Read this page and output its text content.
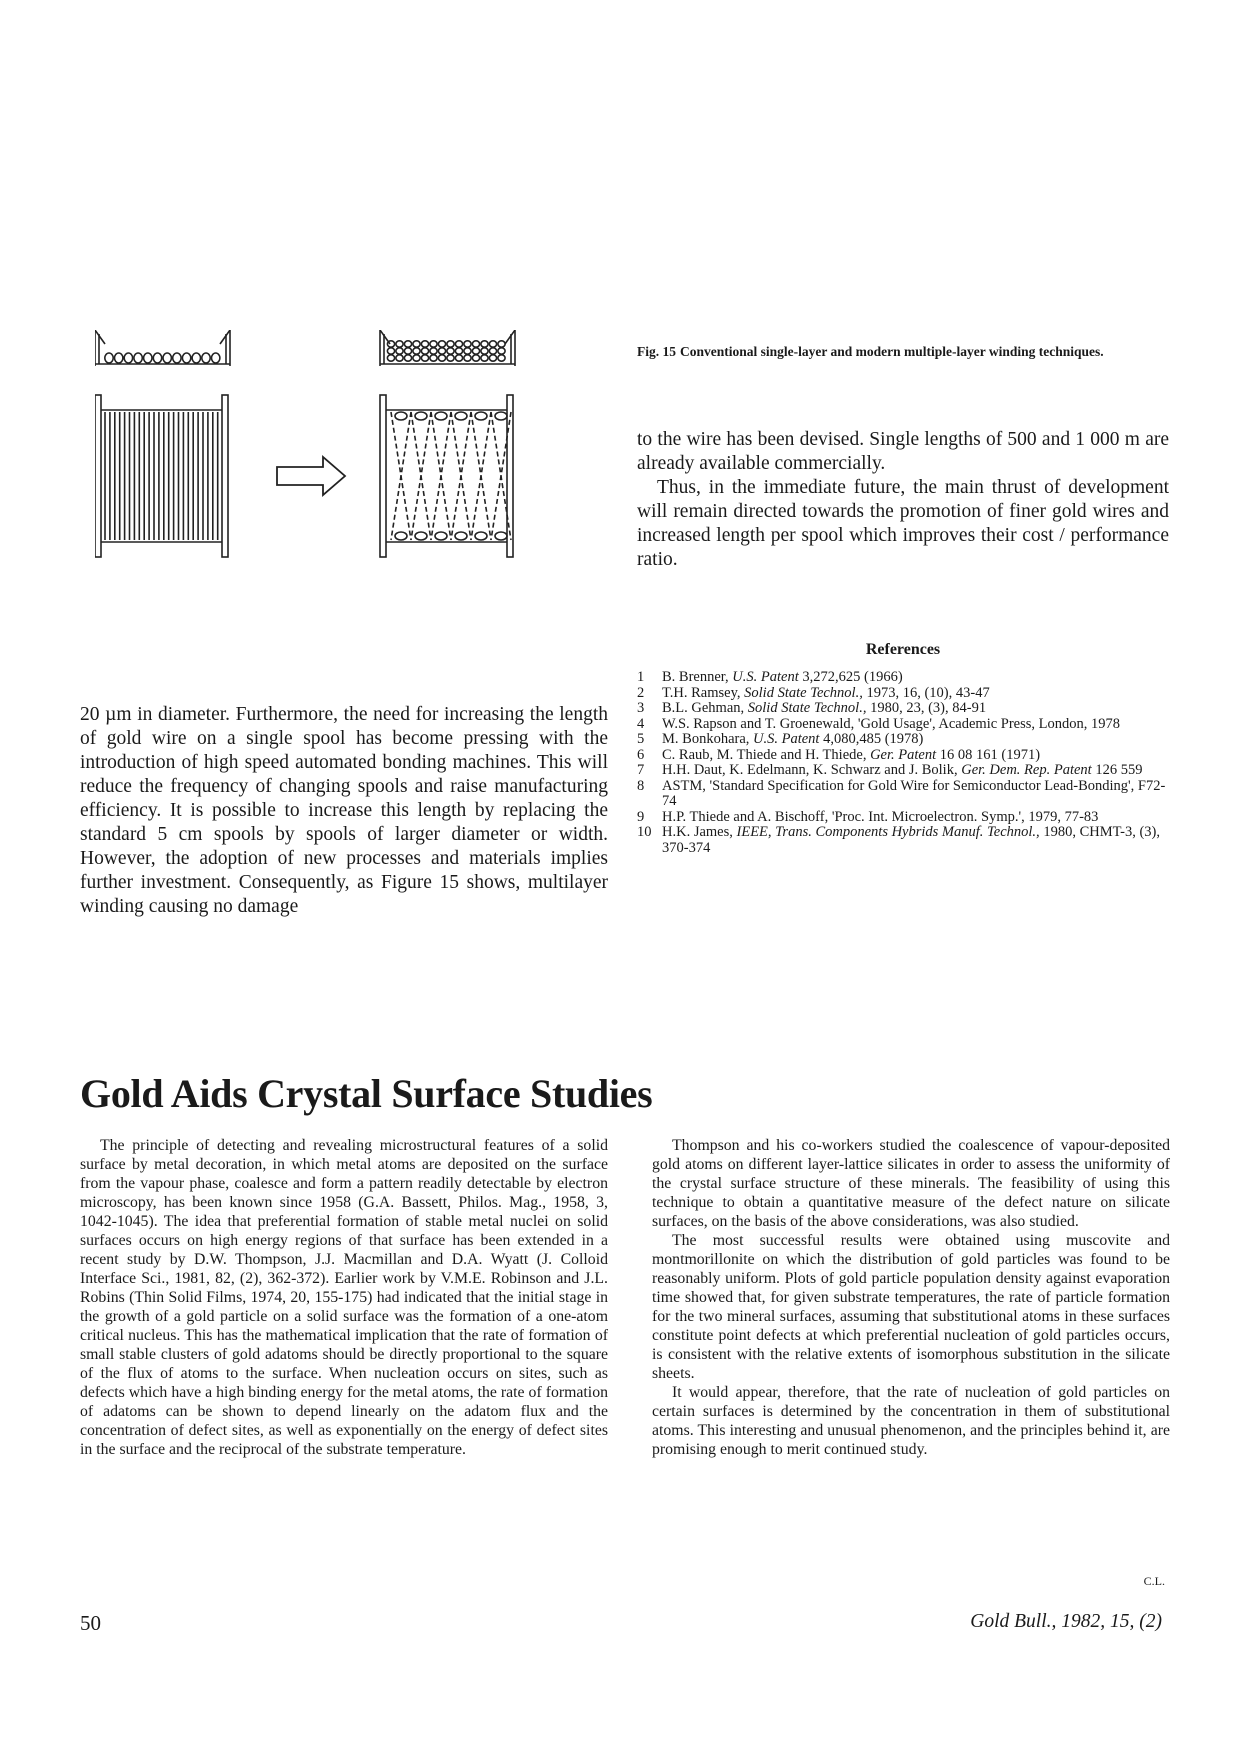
Fig. 15 Conventional single-layer and modern multiple-layer winding techniques.

to the wire has been devised. Single lengths of 500 and 1 000 m are already available commercially.

Thus, in the immediate future, the main thrust of development will remain directed towards the promotion of finer gold wires and increased length per spool which improves their cost / performance ratio.

References
1	B. Brenner, U.S. Patent 3,272,625 (1966)
2	T.H. Ramsey, Solid State Technol., 1973, 16, (10), 43-47
3	B.L. Gehman, Solid State Technol., 1980, 23, (3), 84-91
4	W.S. Rapson and T. Groenewald, 'Gold Usage', Academic Press, London, 1978
5	M. Bonkohara, U.S. Patent 4,080,485 (1978)
6	C. Raub, M. Thiede and H. Thiede, Ger. Patent 16 08 161 (1971)
7	H.H. Daut, K. Edelmann, K. Schwarz and J. Bolik, Ger. Dem. Rep. Patent 126 559
8	ASTM, 'Standard Specification for Gold Wire for Semiconductor Lead-Bonding', F72-74
9	H.P. Thiede and A. Bischoff, 'Proc. Int. Microelectron. Symp.', 1979, 77-83
10 H.K. James, IEEE, Trans. Components Hybrids Manuf. Technol., 1980, CHMT-3, (3), 370-374

20 µm in diameter. Furthermore, the need for increasing the length of gold wire on a single spool has become pressing with the introduction of high speed automated bonding machines. This will reduce the frequency of changing spools and raise manufacturing efficiency. It is possible to increase this length by replacing the standard 5 cm spools by spools of larger diameter or width. However, the adoption of new processes and materials implies further investment. Consequently, as Figure 15 shows, multilayer winding causing no damage

Gold Aids Crystal Surface Studies

The principle of detecting and revealing microstructural features of a solid surface by metal decoration, in which metal atoms are deposited on the surface from the vapour phase, coalesce and form a pattern readily detectable by electron microscopy, has been known since 1958 (G.A. Bassett, Philos. Mag., 1958, 3, 1042-1045). The idea that preferential formation of stable metal nuclei on solid surfaces occurs on high energy regions of that surface has been extended in a recent study by D.W. Thompson, J.J. Macmillan and D.A. Wyatt (J. Colloid Interface Sci., 1981, 82, (2), 362-372). Earlier work by V.M.E. Robinson and J.L. Robins (Thin Solid Films, 1974, 20, 155-175) had indicated that the initial stage in the growth of a gold particle on a solid surface was the formation of a one-atom critical nucleus. This has the mathematical implication that the rate of formation of small stable clusters of gold adatoms should be directly proportional to the square of the flux of atoms to the surface. When nucleation occurs on sites, such as defects which have a high binding energy for the metal atoms, the rate of formation of adatoms can be shown to depend linearly on the adatom flux and the concentration of defect sites, as well as exponentially on the energy of defect sites in the surface and the reciprocal of the substrate temperature.

Thompson and his co-workers studied the coalescence of vapour-deposited gold atoms on different layer-lattice silicates in order to assess the uniformity of the crystal surface structure of these minerals. The feasibility of using this technique to obtain a quantitative measure of the defect nature on silicate surfaces, on the basis of the above considerations, was also studied.

The most successful results were obtained using muscovite and montmorillonite on which the distribution of gold particles was found to be reasonably uniform. Plots of gold particle population density against evaporation time showed that, for given substrate temperatures, the rate of particle formation for the two mineral surfaces, assuming that substitutional atoms in these surfaces constitute point defects at which preferential nucleation of gold particles occurs, is consistent with the relative extents of isomorphous substitution in the silicate sheets.

It would appear, therefore, that the rate of nucleation of gold particles on certain surfaces is determined by the concentration in them of substitutional atoms. This interesting and unusual phenomenon, and the principles behind it, are promising enough to merit continued study.

C.L.
50	Gold Bull., 1982, 15, (2)
